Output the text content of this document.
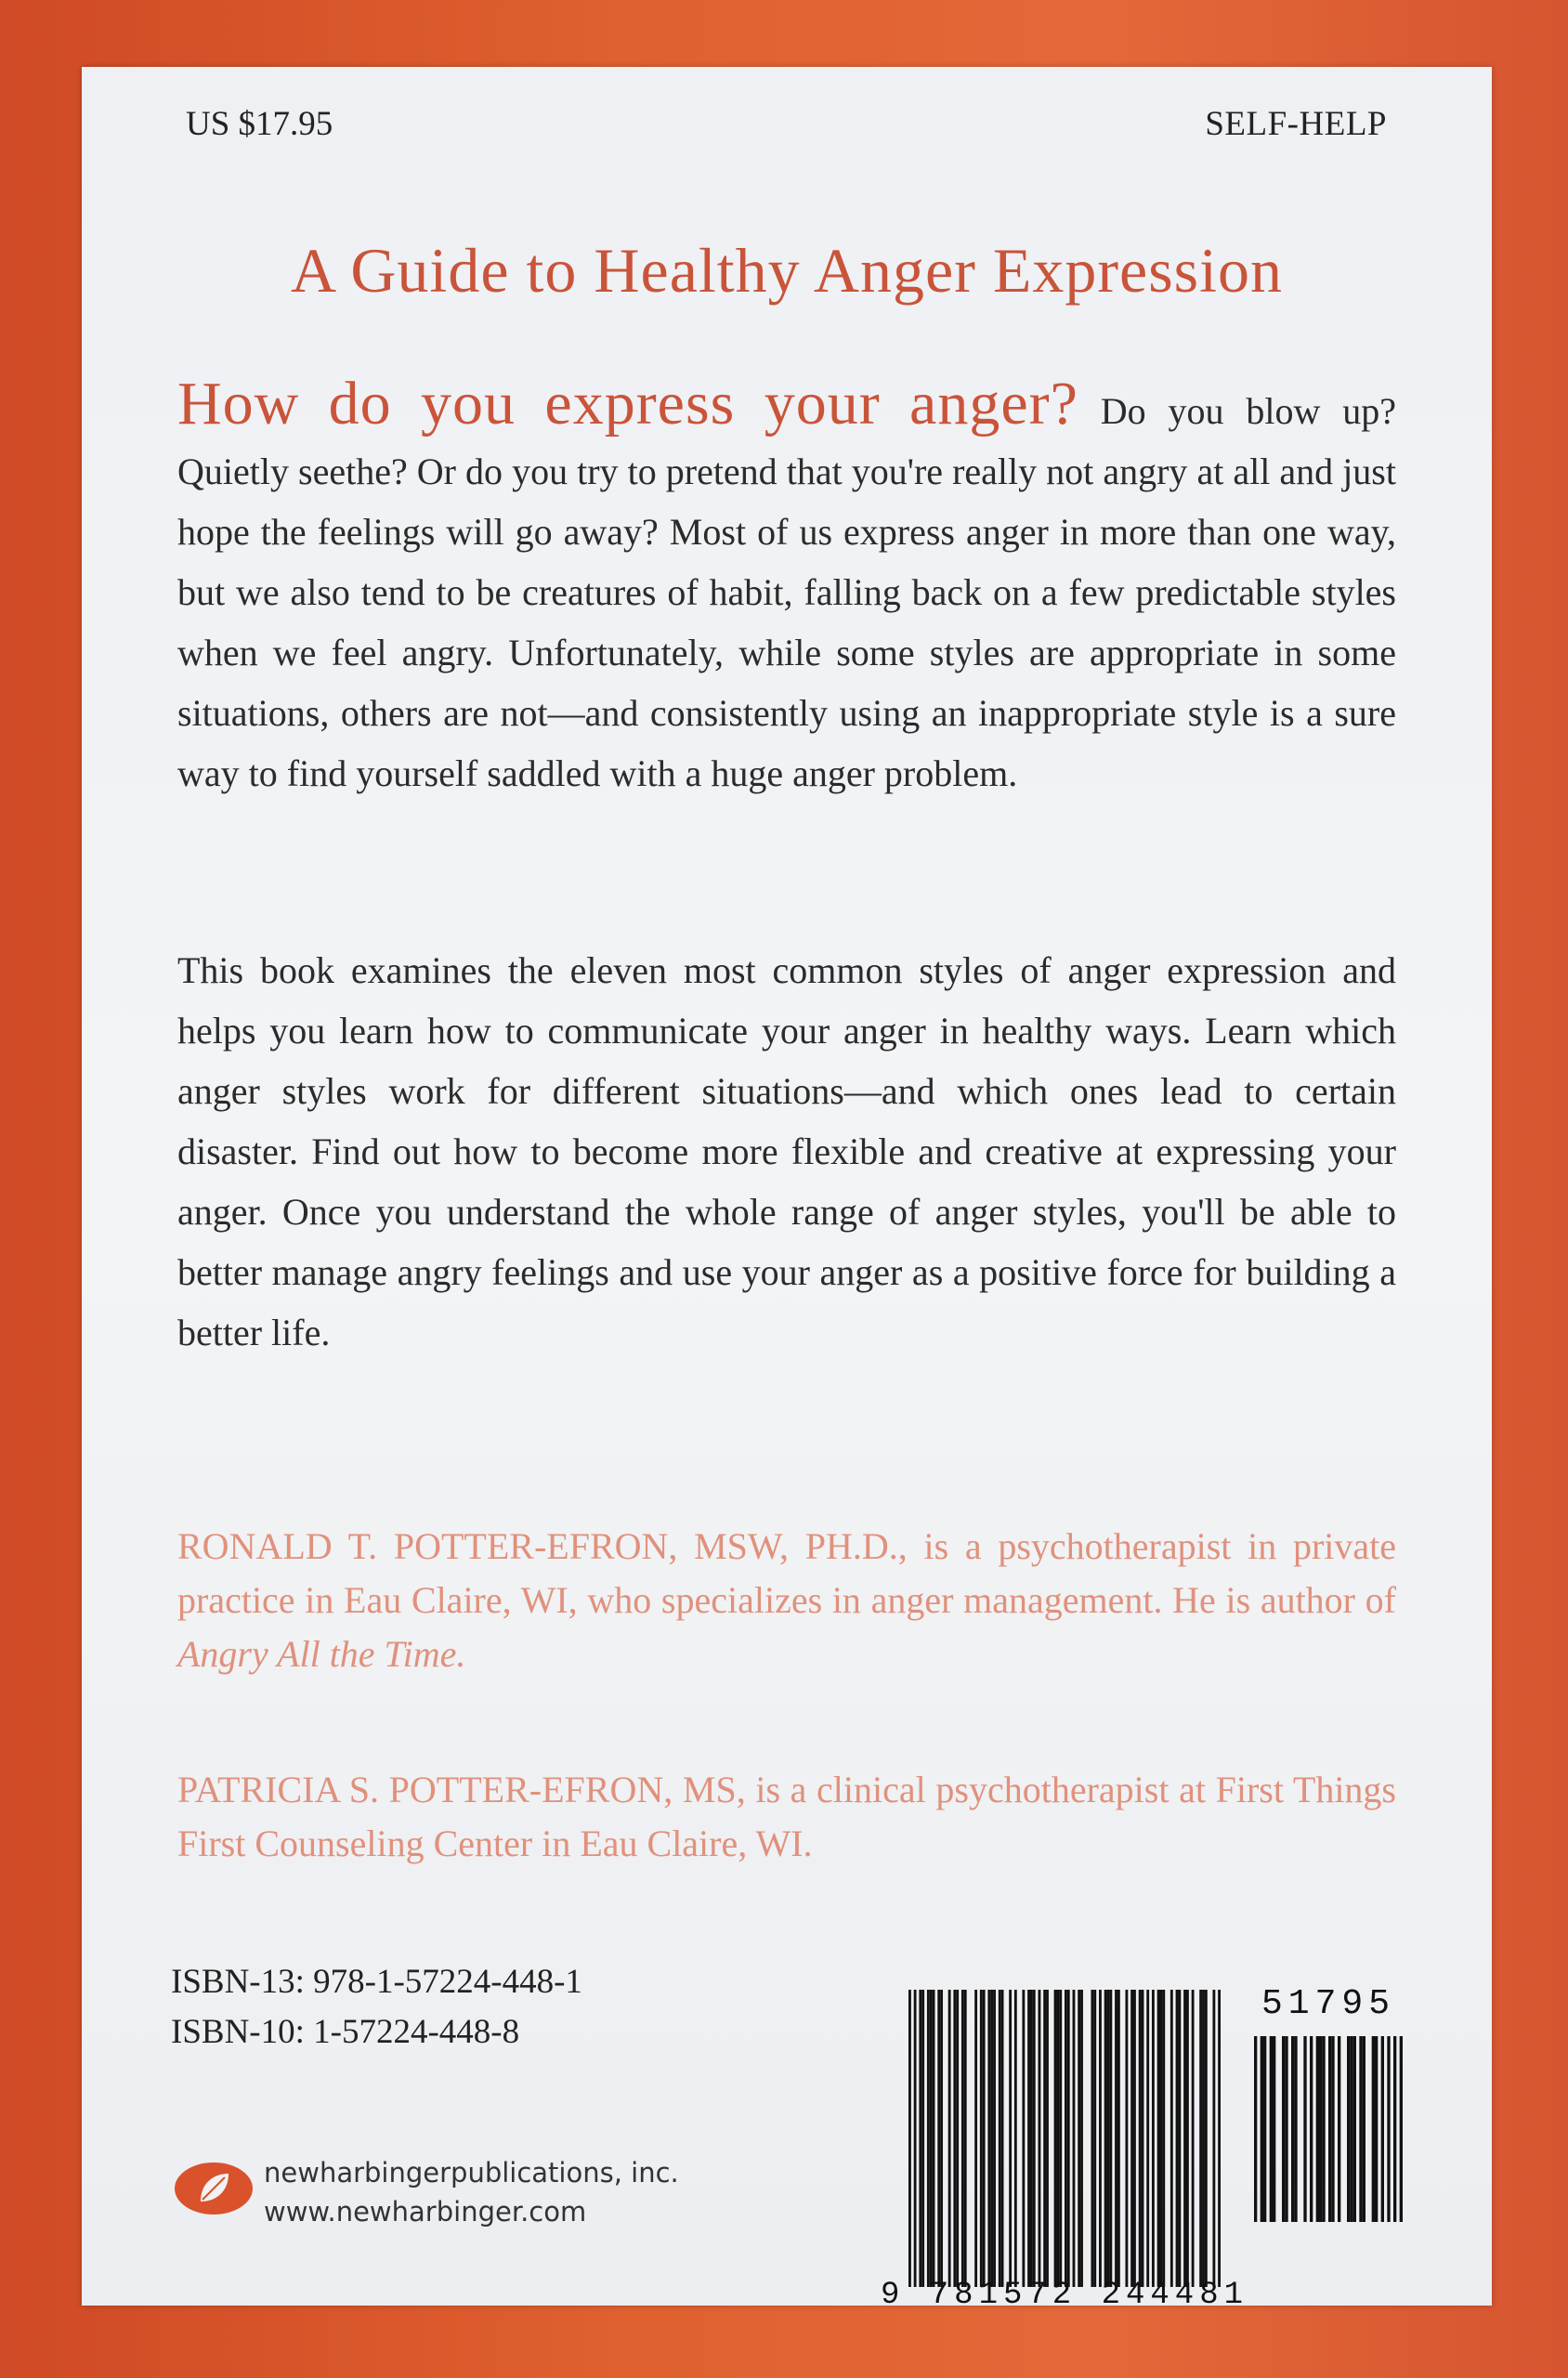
US $17.95	SELF-HELP
A Guide to Healthy Anger Expression
How do you express your anger? Do you blow up? Quietly seethe? Or do you try to pretend that you're really not angry at all and just hope the feelings will go away? Most of us express anger in more than one way, but we also tend to be creatures of habit, falling back on a few predictable styles when we feel angry. Unfortunately, while some styles are appropriate in some situations, others are not—and consistently using an inappropriate style is a sure way to find yourself saddled with a huge anger problem.
This book examines the eleven most common styles of anger expression and helps you learn how to communicate your anger in healthy ways. Learn which anger styles work for different situations—and which ones lead to certain disaster. Find out how to become more flexible and creative at expressing your anger. Once you understand the whole range of anger styles, you'll be able to better manage angry feelings and use your anger as a positive force for building a better life.
RONALD T. POTTER-EFRON, MSW, PH.D., is a psychotherapist in private practice in Eau Claire, WI, who specializes in anger management. He is author of Angry All the Time.
PATRICIA S. POTTER-EFRON, MS, is a clinical psychotherapist at First Things First Counseling Center in Eau Claire, WI.
ISBN-13: 978-1-57224-448-1
ISBN-10: 1-57224-448-8
newharbingerpublications, inc.
www.newharbinger.com
51795
9 781572 244481
